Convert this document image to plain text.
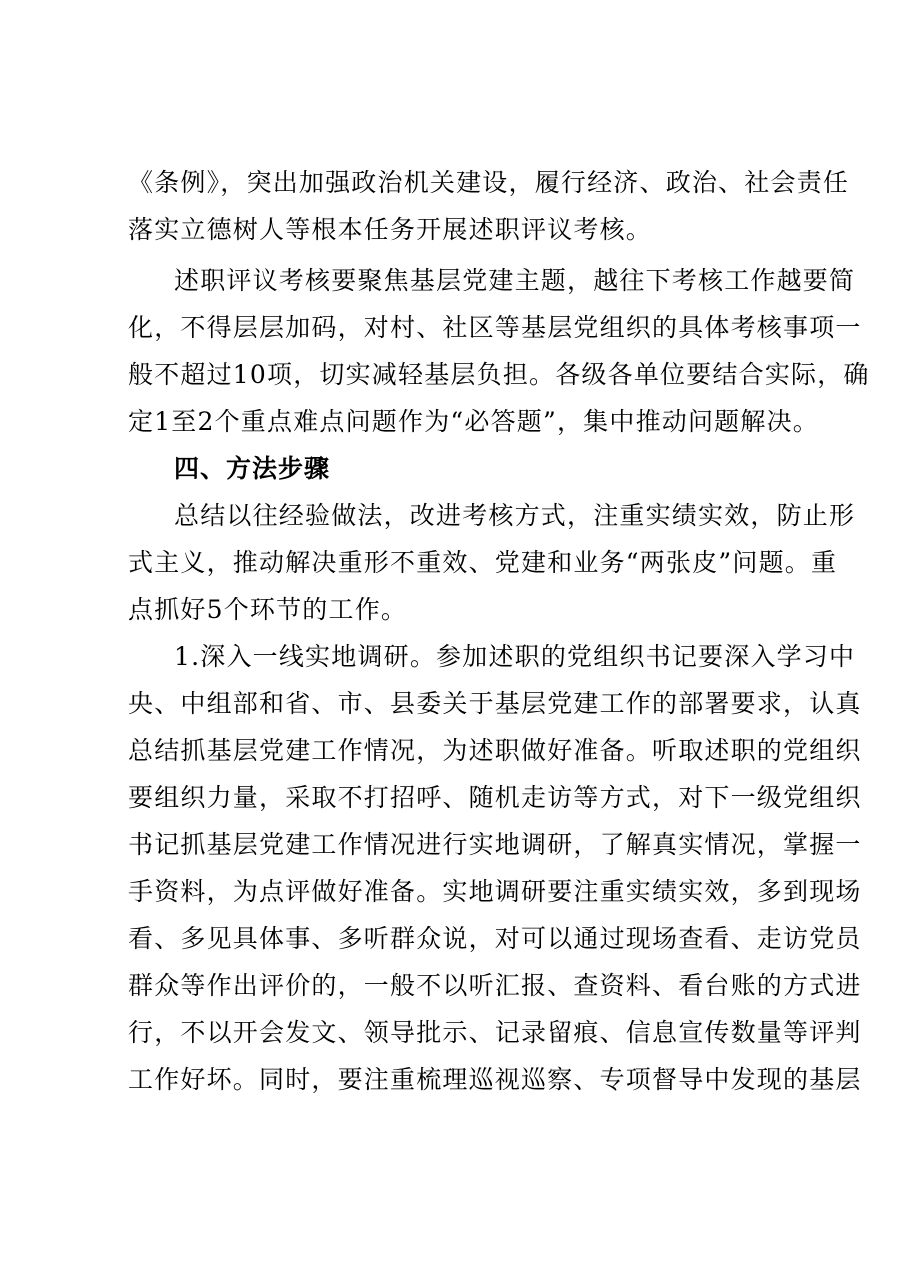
《条例》，突出加强政治机关建设，履行经济、政治、社会责任
落实立德树人等根本任务开展述职评议考核。
述职评议考核要聚焦基层党建主题，越往下考核工作越要简
化，不得层层加码，对村、社区等基层党组织的具体考核事项一
般不超过10项，切实减轻基层负担。各级各单位要结合实际，确
定1至2个重点难点问题作为“必答题”，集中推动问题解决。
四、方法步骤
总结以往经验做法，改进考核方式，注重实绩实效，防止形
式主义，推动解决重形不重效、党建和业务“两张皮”问题。重
点抓好5个环节的工作。
1.深入一线实地调研。参加述职的党组织书记要深入学习中
央、中组部和省、市、县委关于基层党建工作的部署要求，认真
总结抓基层党建工作情况，为述职做好准备。听取述职的党组织
要组织力量，采取不打招呼、随机走访等方式，对下一级党组织
书记抓基层党建工作情况进行实地调研，了解真实情况，掌握一
手资料，为点评做好准备。实地调研要注重实绩实效，多到现场
看、多见具体事、多听群众说，对可以通过现场查看、走访党员
群众等作出评价的，一般不以听汇报、查资料、看台账的方式进
行，不以开会发文、领导批示、记录留痕、信息宣传数量等评判
工作好坏。同时，要注重梳理巡视巡察、专项督导中发现的基层
